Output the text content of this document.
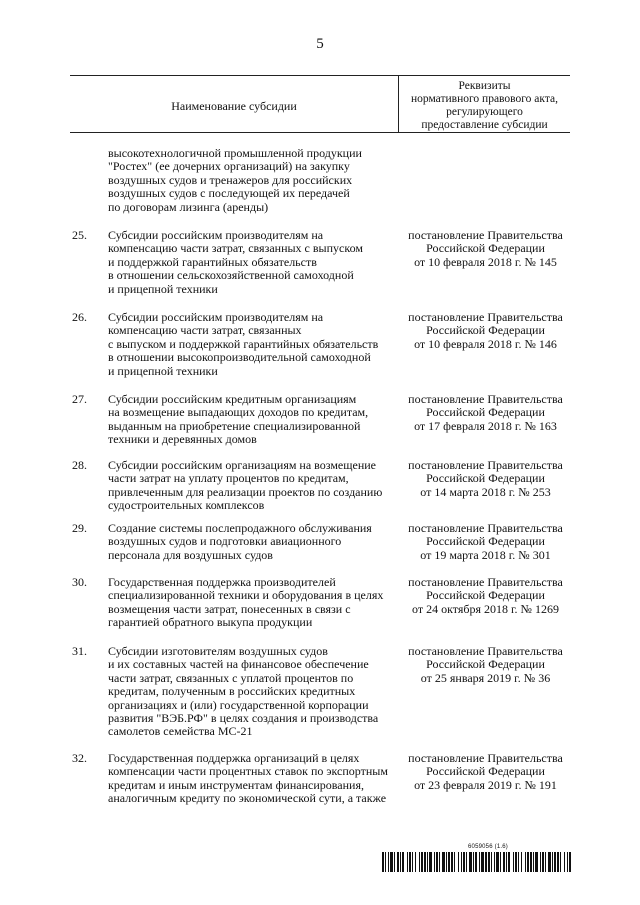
5
Наименование субсидии
Реквизиты
нормативного правового акта,
регулирующего
предоставление субсидии
высокотехнологичной промышленной продукции
"Ростех" (ее дочерних организаций) на закупку
воздушных судов и тренажеров для российских
воздушных судов с последующей их передачей
по договорам лизинга (аренды)
25. Субсидии российским производителям на
компенсацию части затрат, связанных с выпуском
и поддержкой гарантийных обязательств
в отношении сельскохозяйственной самоходной
и прицепной техники
постановление Правительства
Российской Федерации
от 10 февраля 2018 г. № 145
26. Субсидии российским производителям на
компенсацию части затрат, связанных
с выпуском и поддержкой гарантийных обязательств
в отношении высокопроизводительной самоходной
и прицепной техники
постановление Правительства
Российской Федерации
от 10 февраля 2018 г. № 146
27. Субсидии российским кредитным организациям
на возмещение выпадающих доходов по кредитам,
выданным на приобретение специализированной
техники и деревянных домов
постановление Правительства
Российской Федерации
от 17 февраля 2018 г. № 163
28. Субсидии российским организациям на возмещение
части затрат на уплату процентов по кредитам,
привлеченным для реализации проектов по созданию
судостроительных комплексов
постановление Правительства
Российской Федерации
от 14 марта 2018 г. № 253
29. Создание системы послепродажного обслуживания
воздушных судов и подготовки авиационного
персонала для воздушных судов
постановление Правительства
Российской Федерации
от 19 марта 2018 г. № 301
30. Государственная поддержка производителей
специализированной техники и оборудования в целях
возмещения части затрат, понесенных в связи с
гарантией обратного выкупа продукции
постановление Правительства
Российской Федерации
от 24 октября 2018 г. № 1269
31. Субсидии изготовителям воздушных судов
и их составных частей на финансовое обеспечение
части затрат, связанных с уплатой процентов по
кредитам, полученным в российских кредитных
организациях и (или) государственной корпорации
развития "ВЭБ.РФ" в целях создания и производства
самолетов семейства МС-21
постановление Правительства
Российской Федерации
от 25 января 2019 г. № 36
32. Государственная поддержка организаций в целях
компенсации части процентных ставок по экспортным
кредитам и иным инструментам финансирования,
аналогичным кредиту по экономической сути, а также
постановление Правительства
Российской Федерации
от 23 февраля 2019 г. № 191
6059056 (1.6)
